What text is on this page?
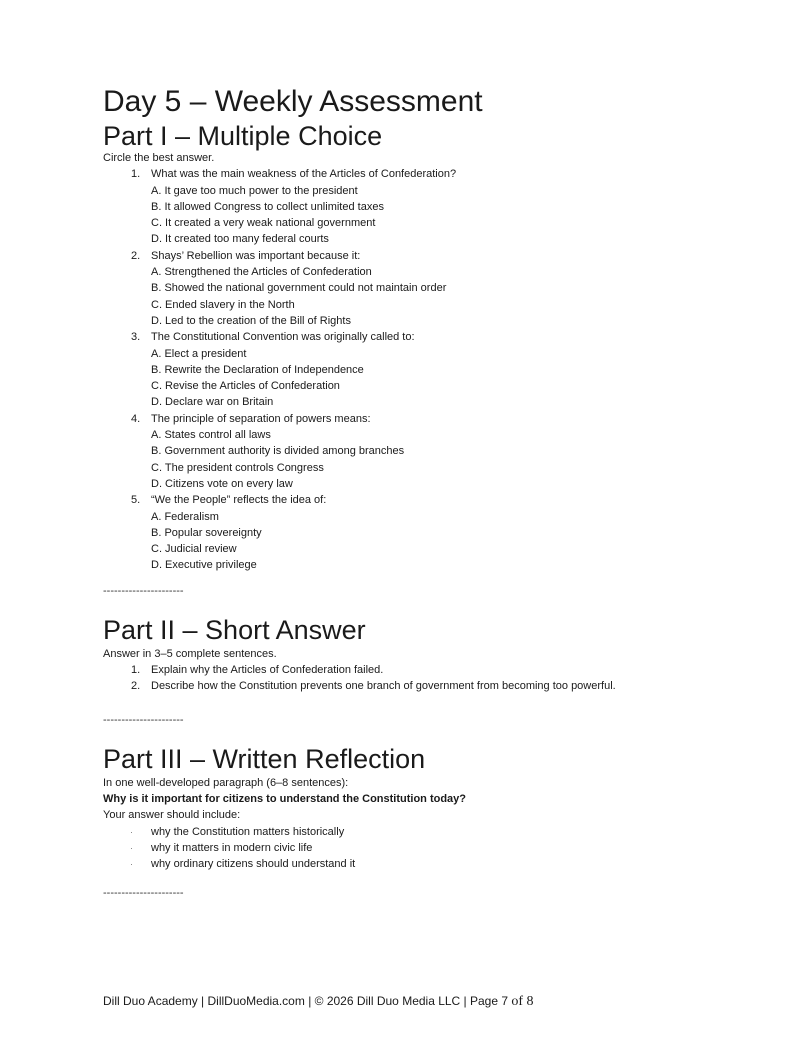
Day 5 – Weekly Assessment
Part I – Multiple Choice
Circle the best answer.
1. What was the main weakness of the Articles of Confederation?
A. It gave too much power to the president
B. It allowed Congress to collect unlimited taxes
C. It created a very weak national government
D. It created too many federal courts
2. Shays’ Rebellion was important because it:
A. Strengthened the Articles of Confederation
B. Showed the national government could not maintain order
C. Ended slavery in the North
D. Led to the creation of the Bill of Rights
3. The Constitutional Convention was originally called to:
A. Elect a president
B. Rewrite the Declaration of Independence
C. Revise the Articles of Confederation
D. Declare war on Britain
4. The principle of separation of powers means:
A. States control all laws
B. Government authority is divided among branches
C. The president controls Congress
D. Citizens vote on every law
5. “We the People” reflects the idea of:
A. Federalism
B. Popular sovereignty
C. Judicial review
D. Executive privilege
----------------------
Part II – Short Answer
Answer in 3–5 complete sentences.
1. Explain why the Articles of Confederation failed.
2. Describe how the Constitution prevents one branch of government from becoming too powerful.
----------------------
Part III – Written Reflection
In one well-developed paragraph (6–8 sentences):
Why is it important for citizens to understand the Constitution today?
Your answer should include:
·	why the Constitution matters historically
·	why it matters in modern civic life
·	why ordinary citizens should understand it
----------------------
Dill Duo Academy | DillDuoMedia.com | © 2026 Dill Duo Media LLC | Page 7 of 8
